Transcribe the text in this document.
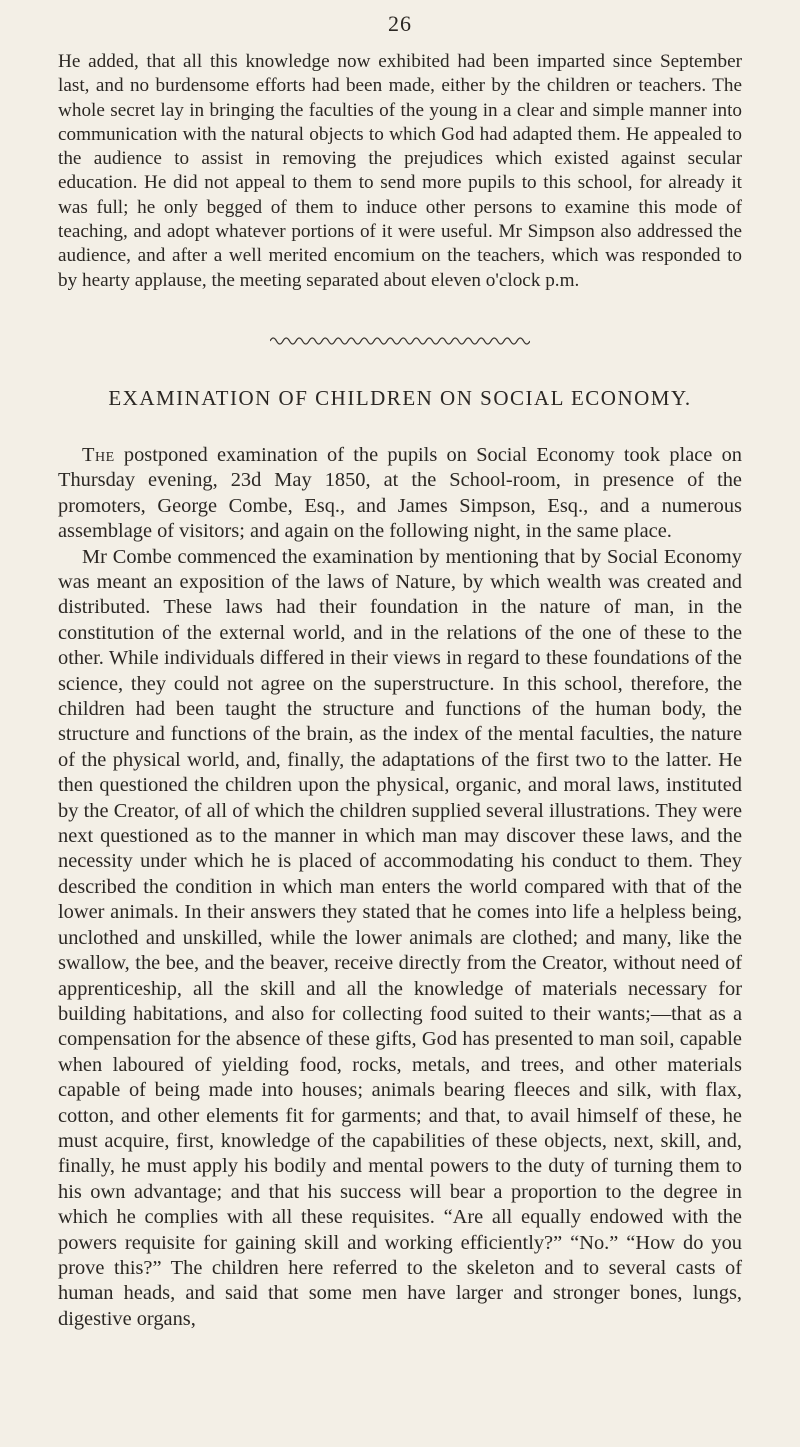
26

He added, that all this knowledge now exhibited had been imparted since September last, and no burdensome efforts had been made, either by the children or teachers. The whole secret lay in bringing the faculties of the young in a clear and simple manner into communication with the natural objects to which God had adapted them. He appealed to the audience to assist in removing the prejudices which existed against secular education. He did not appeal to them to send more pupils to this school, for already it was full; he only begged of them to induce other persons to examine this mode of teaching, and adopt whatever portions of it were useful. Mr Simpson also addressed the audience, and after a well merited encomium on the teachers, which was responded to by hearty applause, the meeting separated about eleven o'clock p.m.

EXAMINATION OF CHILDREN ON SOCIAL ECONOMY.

The postponed examination of the pupils on Social Economy took place on Thursday evening, 23d May 1850, at the School-room, in presence of the promoters, George Combe, Esq., and James Simpson, Esq., and a numerous assemblage of visitors; and again on the following night, in the same place.

Mr Combe commenced the examination by mentioning that by Social Economy was meant an exposition of the laws of Nature, by which wealth was created and distributed. These laws had their foundation in the nature of man, in the constitution of the external world, and in the relations of the one of these to the other. While individuals differed in their views in regard to these foundations of the science, they could not agree on the superstructure. In this school, therefore, the children had been taught the structure and functions of the human body, the structure and functions of the brain, as the index of the mental faculties, the nature of the physical world, and, finally, the adaptations of the first two to the latter. He then questioned the children upon the physical, organic, and moral laws, instituted by the Creator, of all of which the children supplied several illustrations. They were next questioned as to the manner in which man may discover these laws, and the necessity under which he is placed of accommodating his conduct to them. They described the condition in which man enters the world compared with that of the lower animals. In their answers they stated that he comes into life a helpless being, unclothed and unskilled, while the lower animals are clothed; and many, like the swallow, the bee, and the beaver, receive directly from the Creator, without need of apprenticeship, all the skill and all the knowledge of materials necessary for building habitations, and also for collecting food suited to their wants;—that as a compensation for the absence of these gifts, God has presented to man soil, capable when laboured of yielding food, rocks, metals, and trees, and other materials capable of being made into houses; animals bearing fleeces and silk, with flax, cotton, and other elements fit for garments; and that, to avail himself of these, he must acquire, first, knowledge of the capabilities of these objects, next, skill, and, finally, he must apply his bodily and mental powers to the duty of turning them to his own advantage; and that his success will bear a proportion to the degree in which he complies with all these requisites. “Are all equally endowed with the powers requisite for gaining skill and working efficiently?” “No.” “How do you prove this?” The children here referred to the skeleton and to several casts of human heads, and said that some men have larger and stronger bones, lungs, digestive organs,
